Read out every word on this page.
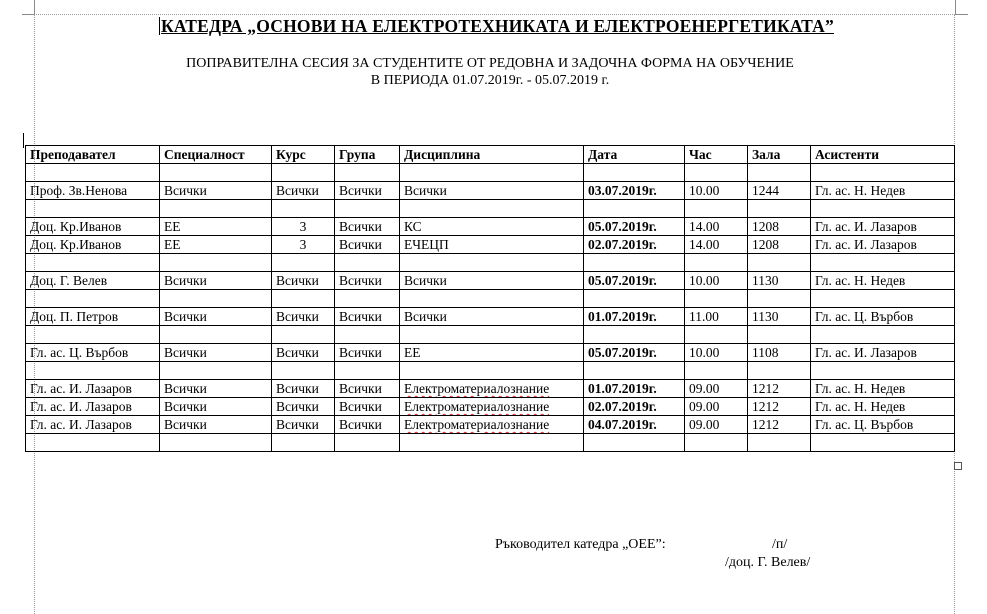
КАТЕДРА „ОСНОВИ НА ЕЛЕКТРОТЕХНИКАТА И ЕЛЕКТРОЕНЕРГЕТИКАТА”
ПОПРАВИТЕЛНА СЕСИЯ ЗА СТУДЕНТИТЕ ОТ РЕДОВНА И ЗАДОЧНА ФОРМА НА ОБУЧЕНИЕ
В ПЕРИОДА 01.07.2019г. - 05.07.2019 г.
Преподавател	Специалност	Курс	Група	Дисциплина	Дата	Час	Зала	Асистенти

Проф. Зв.Ненова	Всички	Всички	Всички	Всички	03.07.2019г.	10.00	1244	Гл. ас. Н. Недев

Доц. Кр.Иванов	ЕЕ	3	Всички	КС	05.07.2019г.	14.00	1208	Гл. ас. И. Лазаров
Доц. Кр.Иванов	ЕЕ	3	Всички	ЕЧЕЦП	02.07.2019г.	14.00	1208	Гл. ас. И. Лазаров

Доц. Г. Велев	Всички	Всички	Всички	Всички	05.07.2019г.	10.00	1130	Гл. ас. Н. Недев

Доц. П. Петров	Всички	Всички	Всички	Всички	01.07.2019г.	11.00	1130	Гл. ас. Ц. Върбов

Гл. ас. Ц. Върбов	Всички	Всички	Всички	ЕЕ	05.07.2019г.	10.00	1108	Гл. ас. И. Лазаров

Гл. ас. И. Лазаров	Всички	Всички	Всички	Електроматериалознание	01.07.2019г.	09.00	1212	Гл. ас. Н. Недев
Гл. ас. И. Лазаров	Всички	Всички	Всички	Електроматериалознание	02.07.2019г.	09.00	1212	Гл. ас. Н. Недев
Гл. ас. И. Лазаров	Всички	Всички	Всички	Електроматериалознание	04.07.2019г.	09.00	1212	Гл. ас. Ц. Върбов

Ръководител катедра „ОЕЕ”:	/п/
/доц. Г. Велев/
